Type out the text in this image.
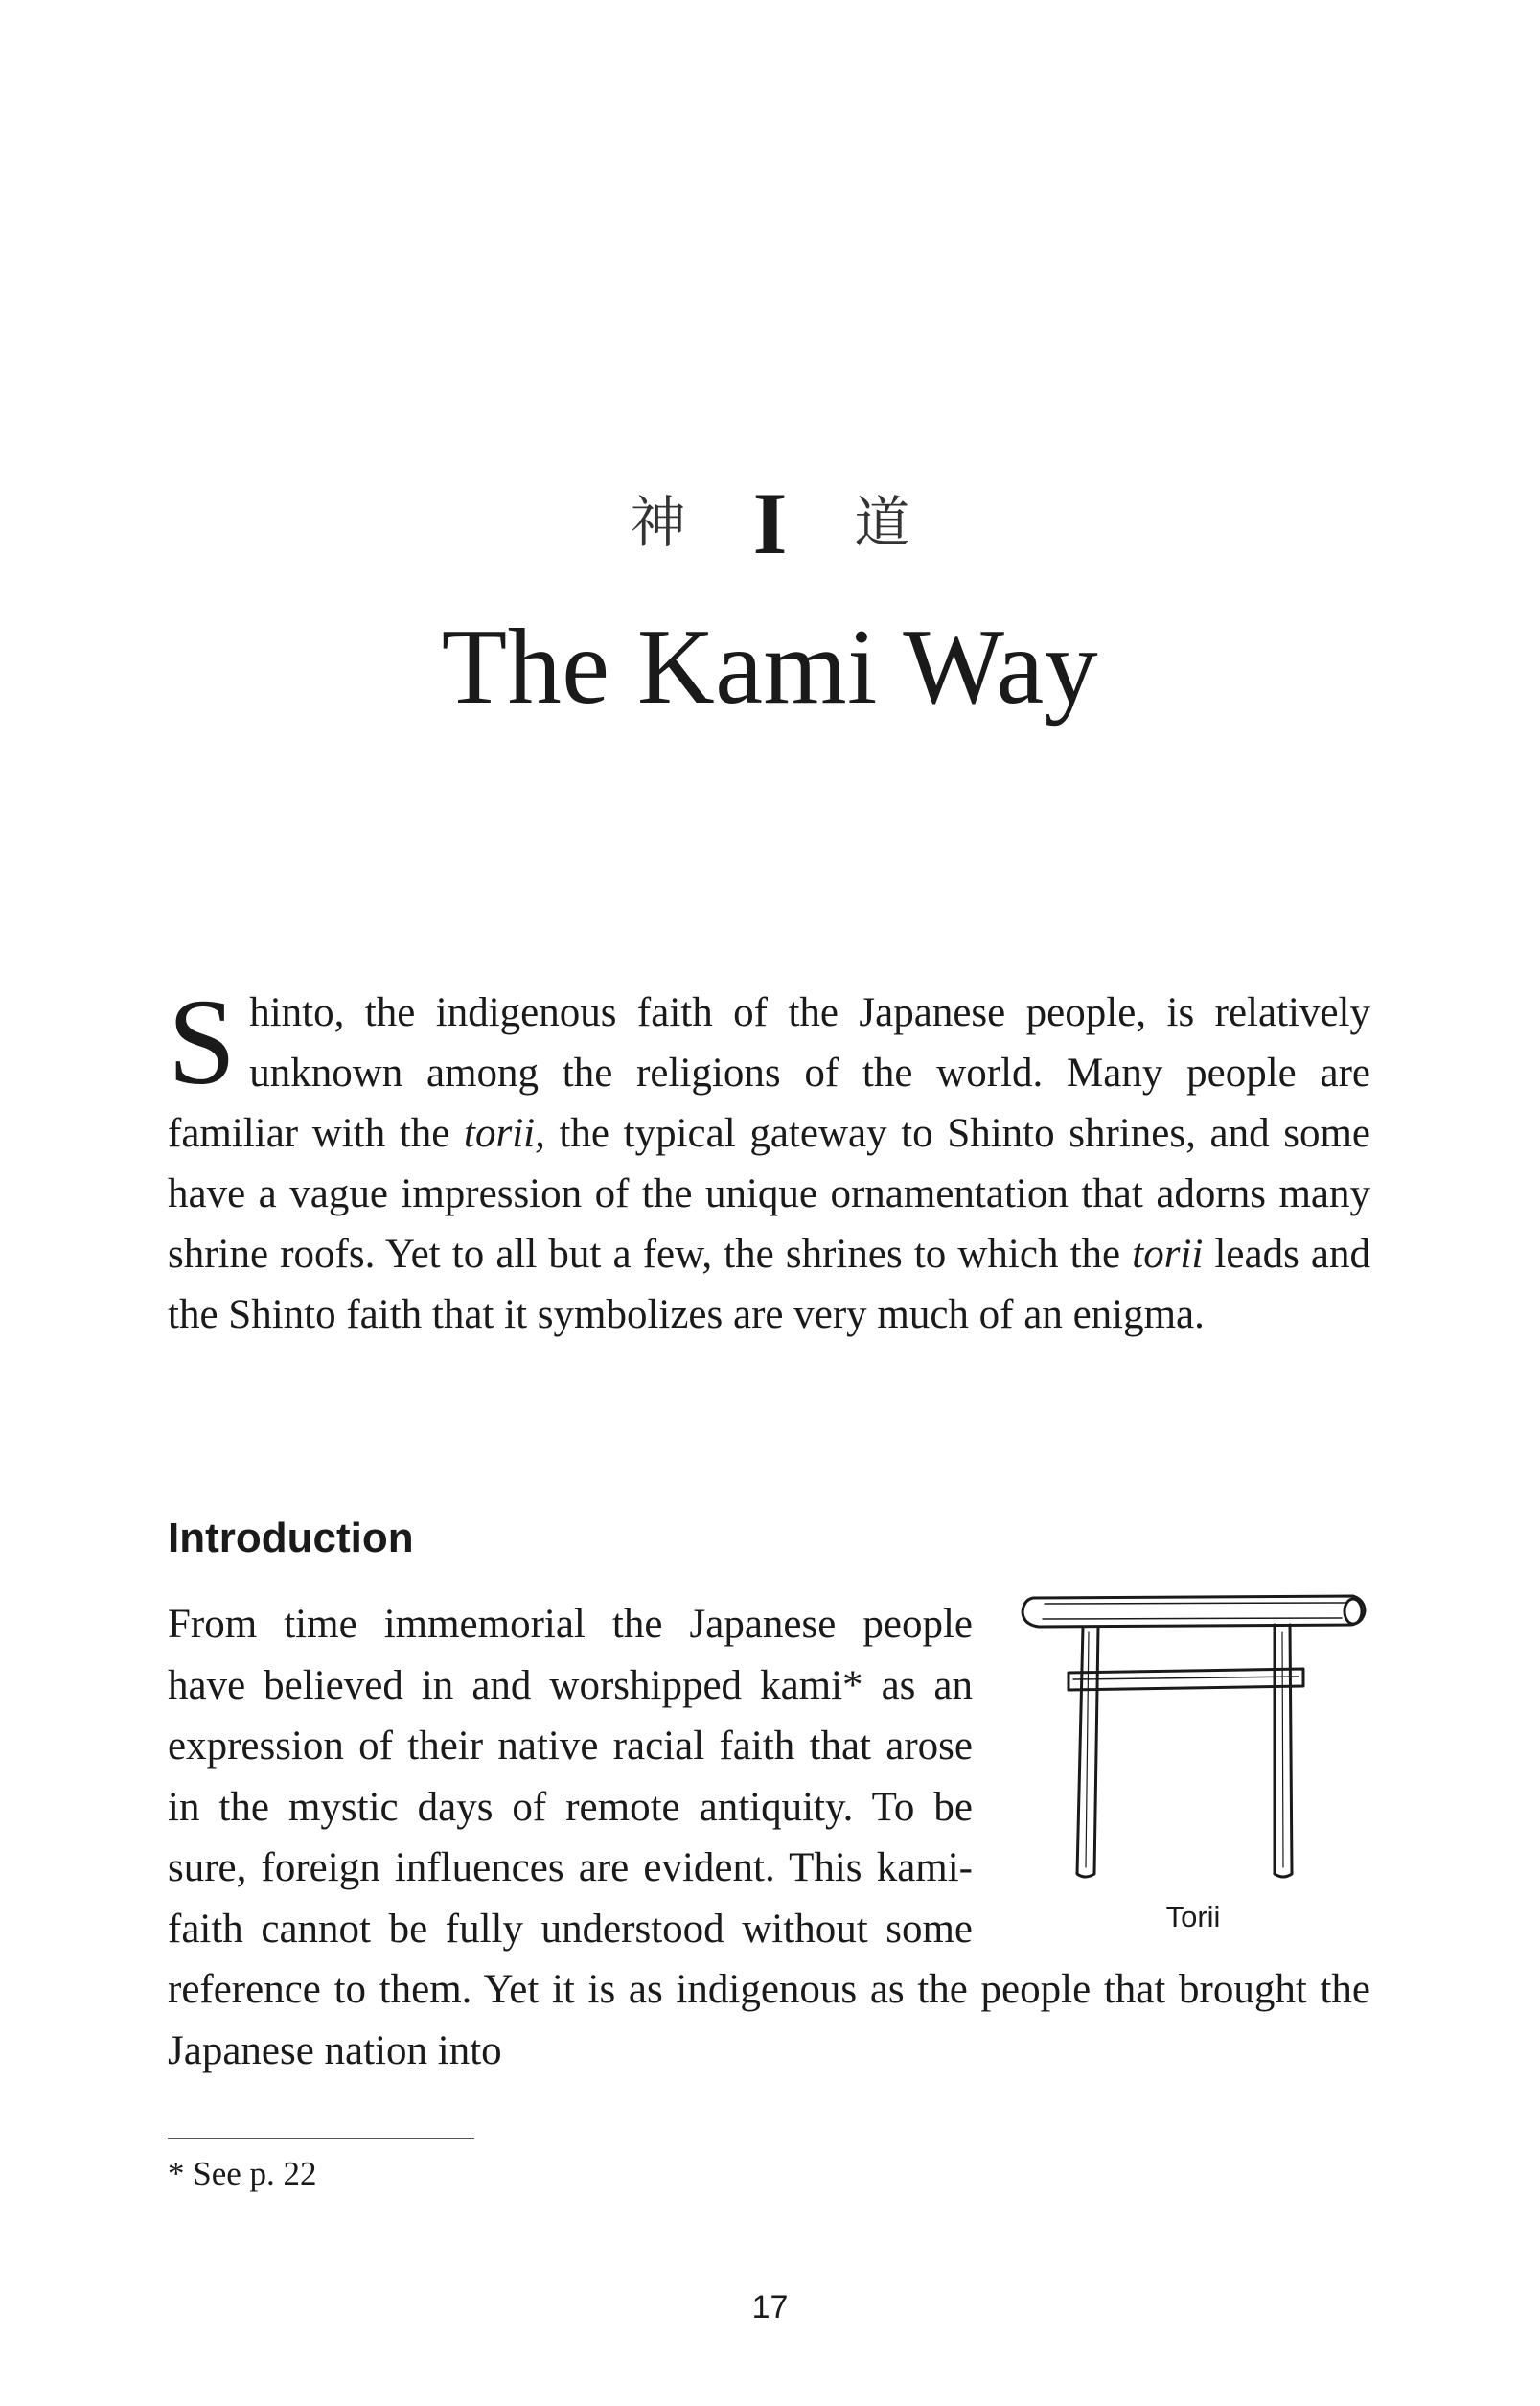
神 I 道
The Kami Way

Shinto, the indigenous faith of the Japanese people, is relatively unknown among the religions of the world. Many people are familiar with the torii, the typical gateway to Shinto shrines, and some have a vague impression of the unique ornamentation that adorns many shrine roofs. Yet to all but a few, the shrines to which the torii leads and the Shinto faith that it symbolizes are very much of an enigma.

Introduction

Torii
From time immemorial the Japanese people have believed in and worshipped kami* as an expression of their native racial faith that arose in the mystic days of remote antiquity. To be sure, foreign influences are evident. This kami-faith cannot be fully understood without some reference to them. Yet it is as indigenous as the people that brought the Japanese nation into

* See p. 22

17
